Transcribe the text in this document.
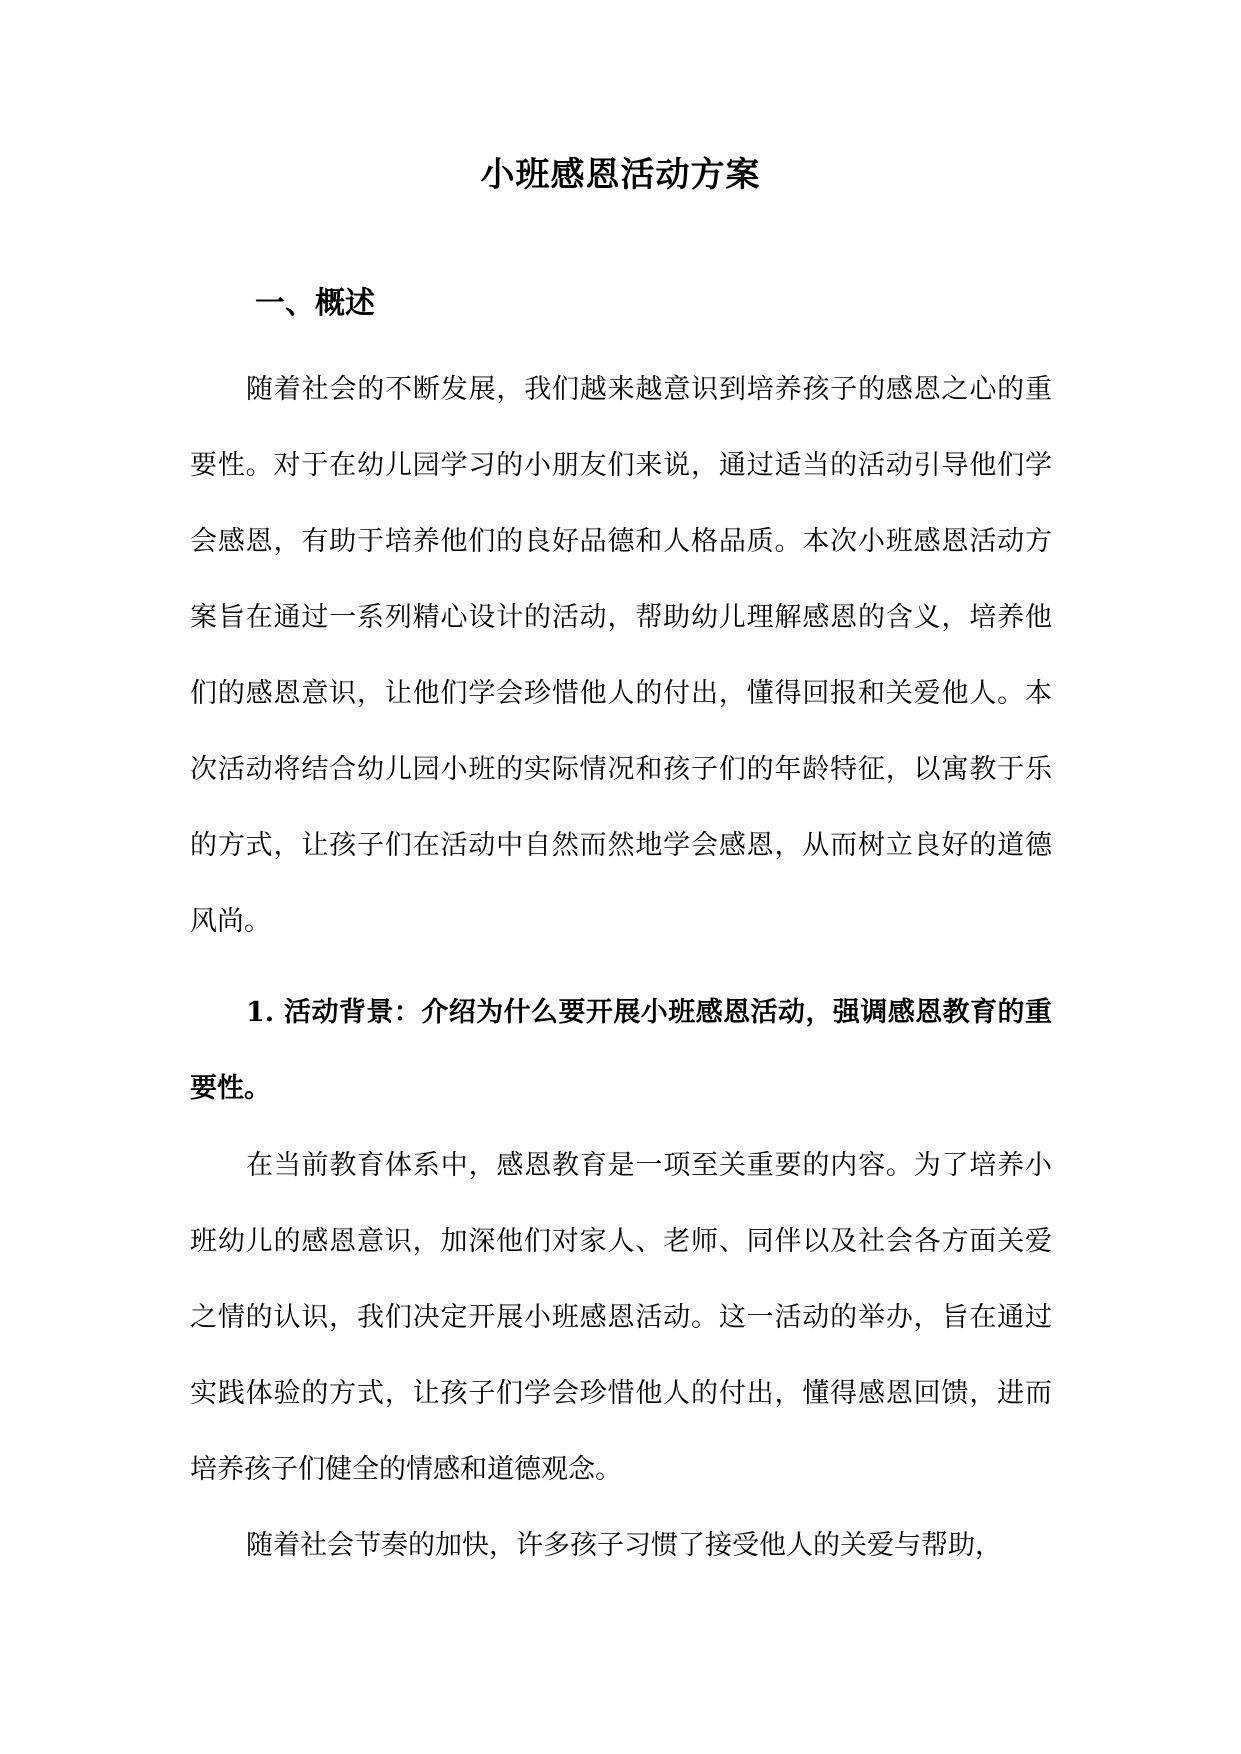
小班感恩活动方案
一、概述

随着社会的不断发展，我们越来越意识到培养孩子的感恩之心的重要性。对于在幼儿园学习的小朋友们来说，通过适当的活动引导他们学会感恩，有助于培养他们的良好品德和人格品质。本次小班感恩活动方案旨在通过一系列精心设计的活动，帮助幼儿理解感恩的含义，培养他们的感恩意识，让他们学会珍惜他人的付出，懂得回报和关爱他人。本次活动将结合幼儿园小班的实际情况和孩子们的年龄特征，以寓教于乐的方式，让孩子们在活动中自然而然地学会感恩，从而树立良好的道德风尚。

1. 活动背景：介绍为什么要开展小班感恩活动，强调感恩教育的重要性。

在当前教育体系中，感恩教育是一项至关重要的内容。为了培养小班幼儿的感恩意识，加深他们对家人、老师、同伴以及社会各方面关爱之情的认识，我们决定开展小班感恩活动。这一活动的举办，旨在通过实践体验的方式，让孩子们学会珍惜他人的付出，懂得感恩回馈，进而培养孩子们健全的情感和道德观念。

随着社会节奏的加快，许多孩子习惯了接受他人的关爱与帮助，
